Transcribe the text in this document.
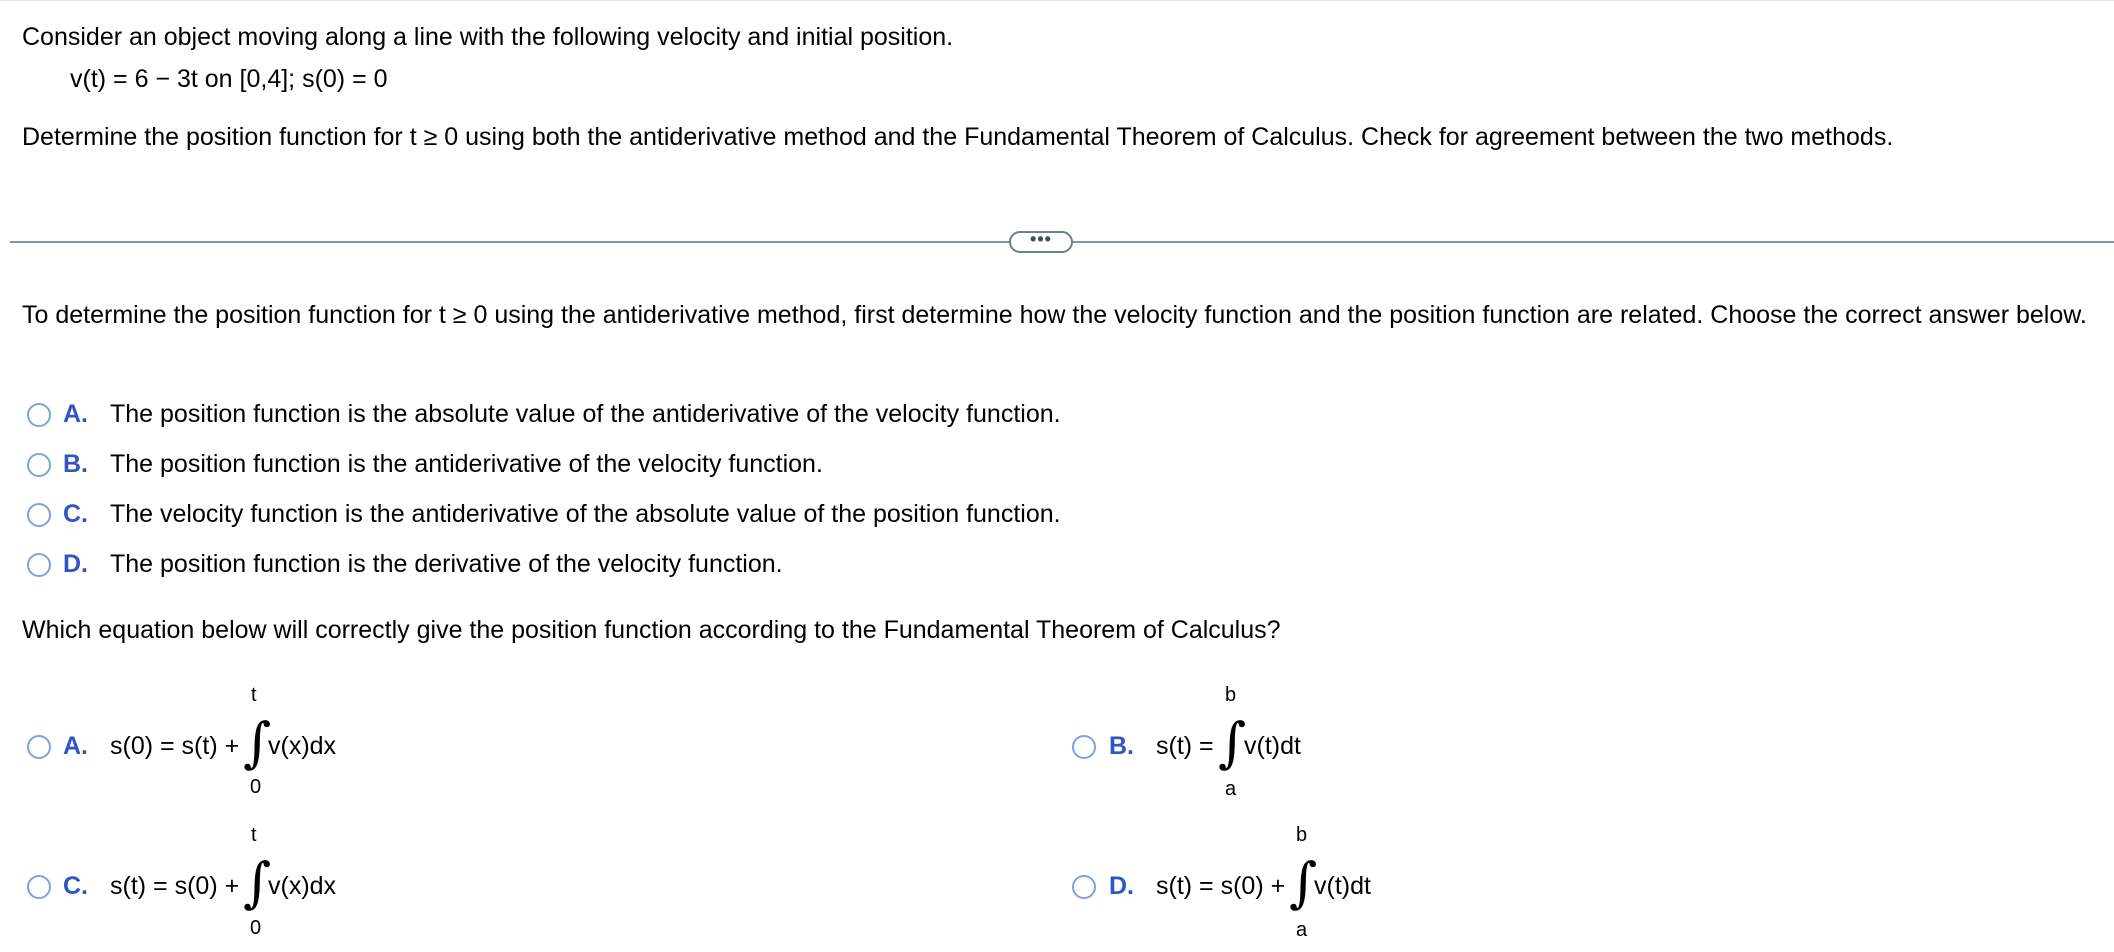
Consider an object moving along a line with the following velocity and initial position.
v(t) = 6 − 3t on [0,4]; s(0) = 0
Determine the position function for t ≥ 0 using both the antiderivative method and the Fundamental Theorem of Calculus. Check for agreement between the two methods.
•••
To determine the position function for t ≥ 0 using the antiderivative method, first determine how the velocity function and the position function are related. Choose the correct answer below.
A. The position function is the absolute value of the antiderivative of the velocity function.
B. The position function is the antiderivative of the velocity function.
C. The velocity function is the antiderivative of the absolute value of the position function.
D. The position function is the derivative of the velocity function.
Which equation below will correctly give the position function according to the Fundamental Theorem of Calculus?
A. s(0) = s(t) +
t
∫
0
v(x)dx	B. s(t) =
b
∫
a
v(t)dt
C. s(t) = s(0) +
t
∫
0
v(x)dx	D. s(t) = s(0) +
b
∫
a
v(t)dt
